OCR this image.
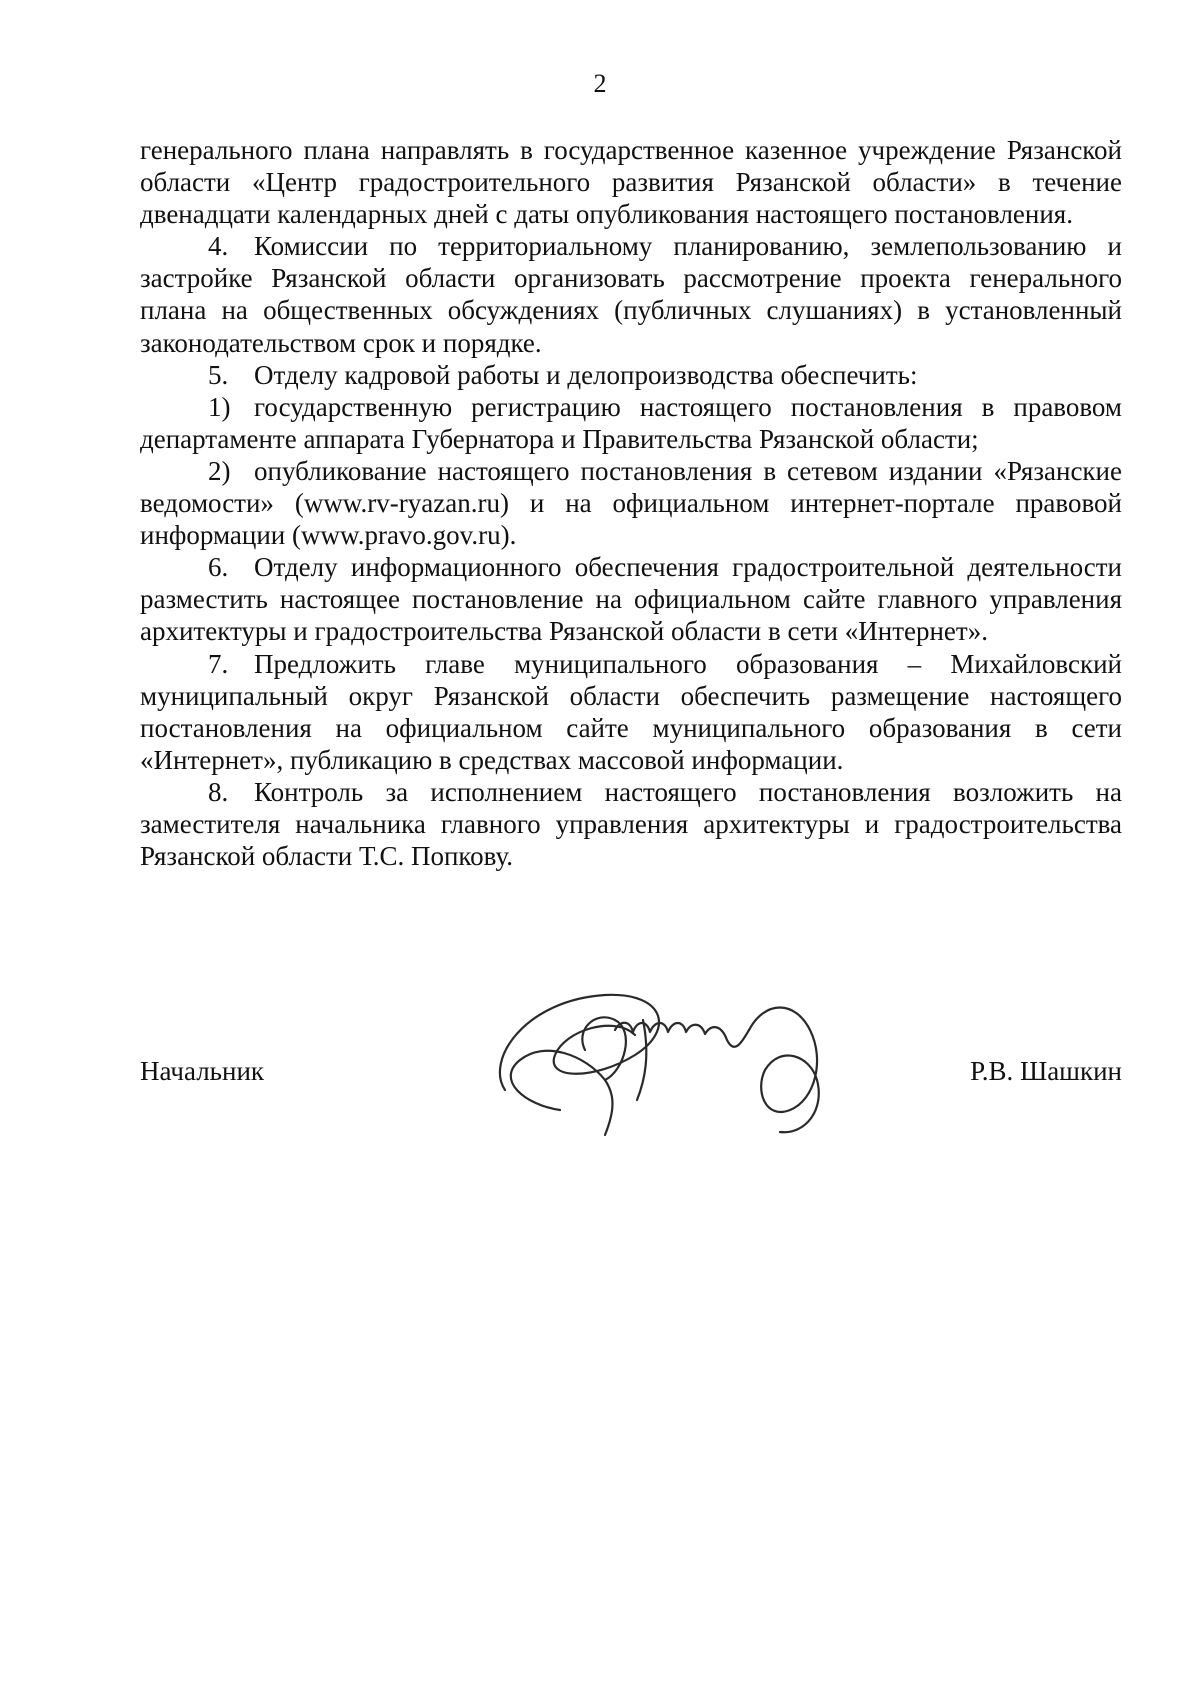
2

генерального плана направлять в государственное казенное учреждение Рязанской области «Центр градостроительного развития Рязанской области» в течение двенадцати календарных дней с даты опубликования настоящего постановления.

4. Комиссии по территориальному планированию, землепользованию и застройке Рязанской области организовать рассмотрение проекта генерального плана на общественных обсуждениях (публичных слушаниях) в установленный законодательством срок и порядке.

5. Отделу кадровой работы и делопроизводства обеспечить:

1) государственную регистрацию настоящего постановления в правовом департаменте аппарата Губернатора и Правительства Рязанской области;

2) опубликование настоящего постановления в сетевом издании «Рязанские ведомости» (www.rv-ryazan.ru) и на официальном интернет-портале правовой информации (www.pravo.gov.ru).

6. Отделу информационного обеспечения градостроительной деятельности разместить настоящее постановление на официальном сайте главного управления архитектуры и градостроительства Рязанской области в сети «Интернет».

7. Предложить главе муниципального образования – Михайловский муниципальный округ Рязанской области обеспечить размещение настоящего постановления на официальном сайте муниципального образования в сети «Интернет», публикацию в средствах массовой информации.

8. Контроль за исполнением настоящего постановления возложить на заместителя начальника главного управления архитектуры и градостроительства Рязанской области Т.С. Попкову.

Начальник	Р.В. Шашкин
